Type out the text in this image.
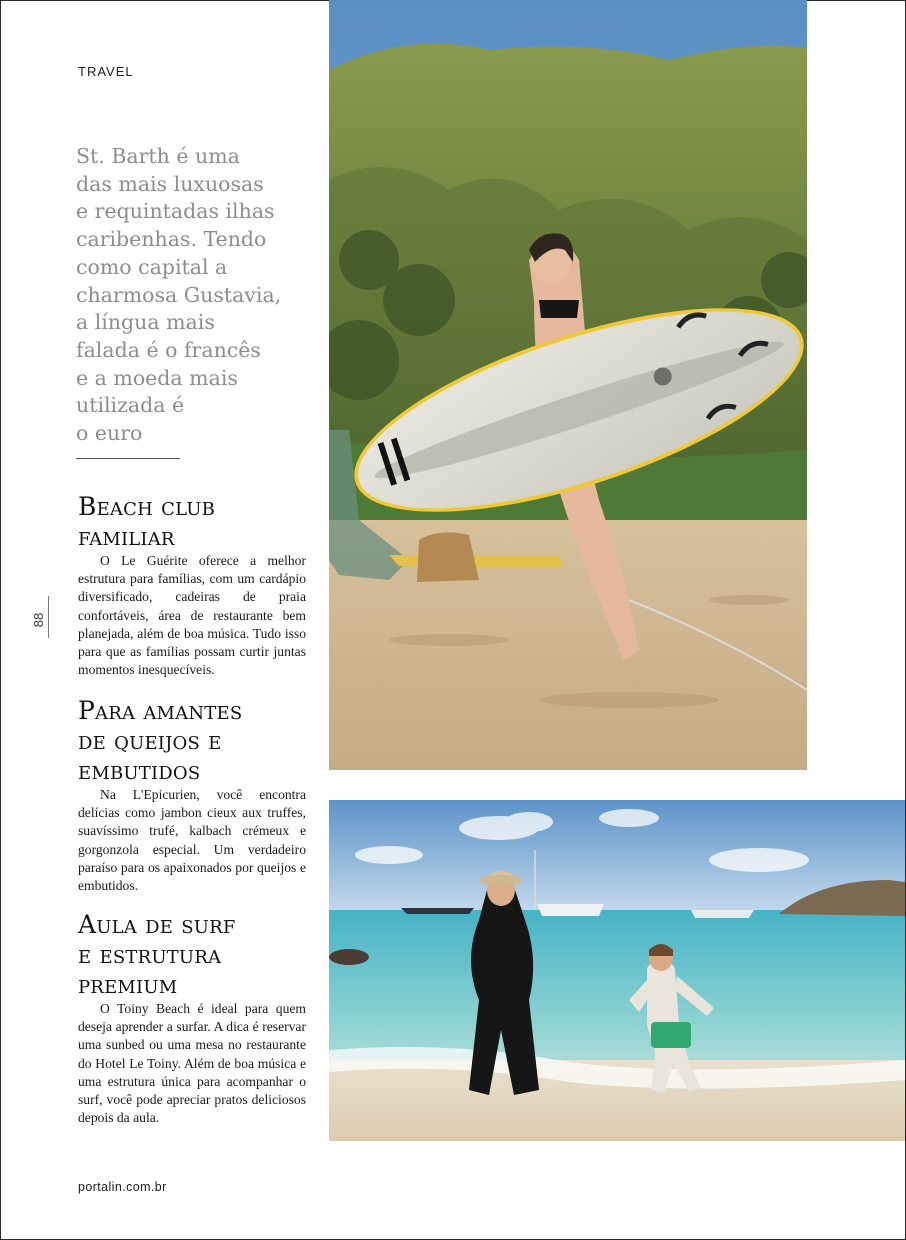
TRAVEL
St. Barth é uma
das mais luxuosas
e requintadas ilhas
caribenhas. Tendo
como capital a
charmosa Gustavia,
a língua mais
falada é o francês
e a moeda mais
utilizada é
o euro
88
Beach club
familiar

O Le Guérite oferece a melhor estrutura para famílias, com um cardápio diversificado, cadeiras de praia confortáveis, área de restaurante bem planejada, além de boa música. Tudo isso para que as famílias possam curtir juntas momentos inesquecíveis.

Para amantes
de queijos e
embutidos

Na L'Epicurien, você encontra delícias como jambon cieux aux truffes, suavíssimo trufé, kalbach crémeux e gorgonzola especial. Um verdadeiro paraíso para os apaixonados por queijos e embutidos.

Aula de surf
e estrutura
premium

O Toiny Beach é ideal para quem deseja aprender a surfar. A dica é reservar uma sunbed ou uma mesa no restaurante do Hotel Le Toiny. Além de boa música e uma estrutura única para acompanhar o surf, você pode apreciar pratos deliciosos depois da aula.

portalin.com.br
